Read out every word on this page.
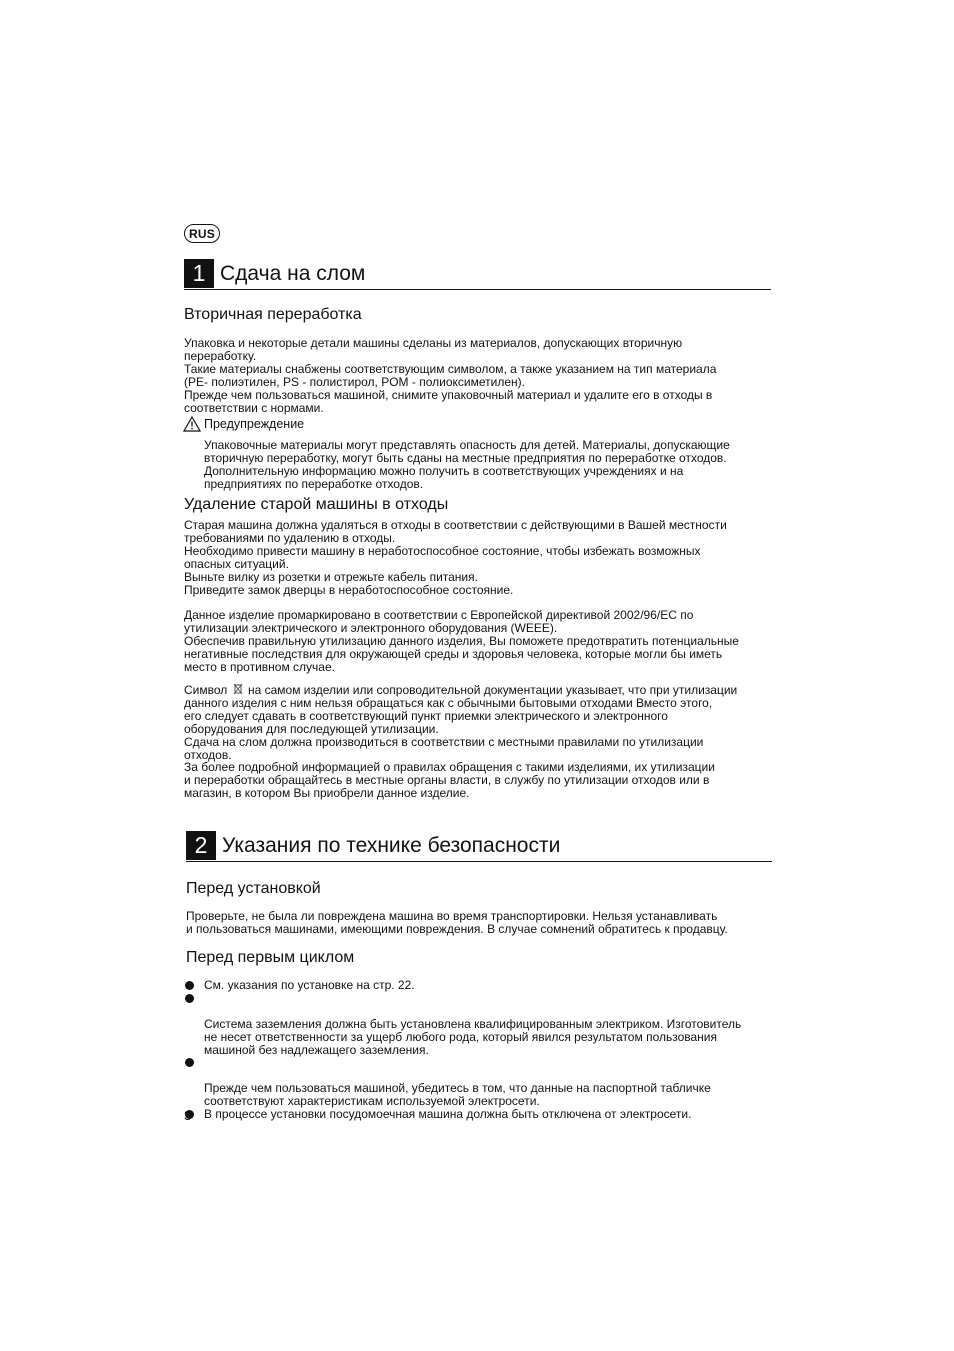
RUS
1 Сдача на слом
Вторичная переработка

Упаковка и некоторые детали машины сделаны из материалов, допускающих вторичную

переработку.

Такие материалы снабжены соответствующим символом, а также указанием на тип материала

(PE- полиэтилен, PS - полистирол, POM - полиоксиметилен).

Прежде чем пользоваться машиной, снимите упаковочный материал и удалите его в отходы в

соответствии с нормами.

Предупреждение

Упаковочные материалы могут представлять опасность для детей. Материалы, допускающие

вторичную переработку, могут быть сданы на местные предприятия по переработке отходов.

Дополнительную информацию можно получить в соответствующих учреждениях и на

предприятиях по переработке отходов.

Удаление старой машины в отходы

Старая машина должна удаляться в отходы в соответствии с действующими в Вашей местности

требованиями по удалению в отходы.

Необходимо привести машину в неработоспособное состояние, чтобы избежать возможных

опасных ситуаций.

Выньте вилку из розетки и отрежьте кабель питания.

Приведите замок дверцы в неработоспособное состояние.

Данное изделие промаркировано в соответствии с Европейской директивой 2002/96/ЕС по

утилизации электрического и электронного оборудования (WEEE).

Обеспечив правильную утилизацию данного изделия, Вы поможете предотвратить потенциальные

негативные последствия для окружающей среды и здоровья человека, которые могли бы иметь

место в противном случае.

Символ на самом изделии или сопроводительной документации указывает, что при утилизации

данного изделия с ним нельзя обращаться как с обычными бытовыми отходами Вместо этого,

его следует сдавать в соответствующий пункт приемки электрического и электронного

оборудования для последующей утилизации.

Сдача на слом должна производиться в соответствии с местными правилами по утилизации

отходов.

За более подробной информацией о правилах обращения с такими изделиями, их утилизации

и переработки обращайтесь в местные органы власти, в службу по утилизации отходов или в

магазин, в котором Вы приобрели данное изделие.

2 Указания по технике безопасности
Перед установкой

Проверьте, не была ли повреждена машина во время транспортировки. Нельзя устанавливать

и пользоваться машинами, имеющими повреждения. В случае сомнений обратитесь к продавцу.

Перед первым циклом
См. указания по установке на стр. 22.

Система заземления должна быть установлена квалифицированным электриком. Изготовитель
не несет ответственности за ущерб любого рода, который явился результатом пользования
машиной без надлежащего заземления.

Прежде чем пользоваться машиной, убедитесь в том, что данные на паспортной табличке
соответствуют характеристикам используемой электросети.

В процессе установки посудомоечная машина должна быть отключена от электросети.
3
